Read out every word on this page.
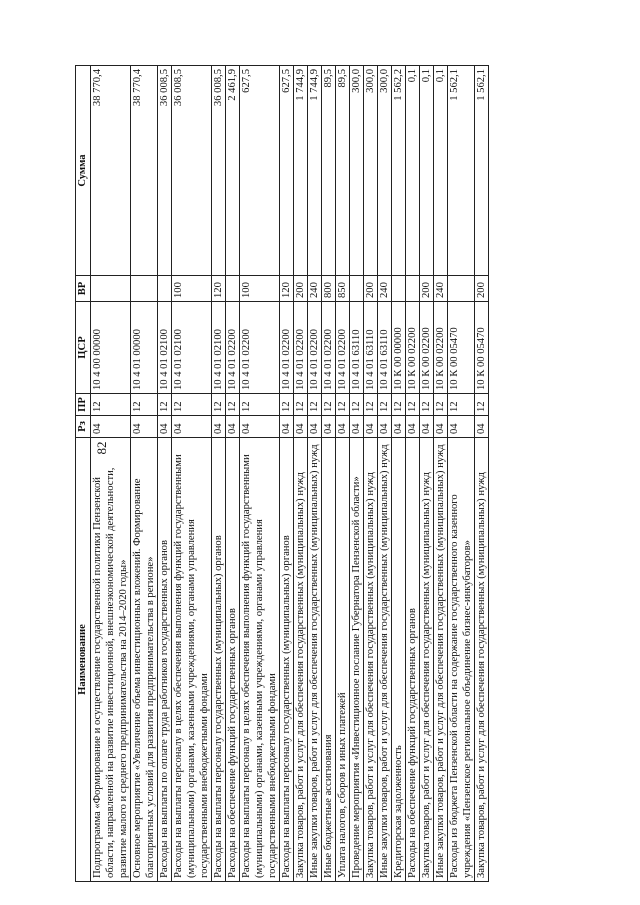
82
Наименование	Рз	ПР	ЦСР	ВР	Сумма
Подпрограмма «Формирование и осуществление государственной политики Пензенской области, направленной на развитие инвестиционной, внешнеэкономической деятельности, развитие малого и среднего предпринимательства на 2014–2020 годы»	04	12	10 4 00 00000		38 770,4
Основное мероприятие «Увеличение объема инвестиционных вложений. Формирование благоприятных условий для развития предпринимательства в регионе»	04	12	10 4 01 00000		38 770,4
Расходы на выплаты по оплате труда работников государственных органов	04	12	10 4 01 02100		36 008,5
Расходы на выплаты персоналу в целях обеспечения выполнения функций государственными (муниципальными) органами, казенными учреждениями, органами управления государственными внебюджетными фондами	04	12	10 4 01 02100	100	36 008,5
Расходы на выплаты персоналу государственных (муниципальных) органов	04	12	10 4 01 02100	120	36 008,5
Расходы на обеспечение функций государственных органов	04	12	10 4 01 02200		2 461,9
Расходы на выплаты персоналу в целях обеспечения выполнения функций государственными (муниципальными) органами, казенными учреждениями, органами управления государственными внебюджетными фондами	04	12	10 4 01 02200	100	627,5
Расходы на выплаты персоналу государственных (муниципальных) органов	04	12	10 4 01 02200	120	627,5
Закупка товаров, работ и услуг для обеспечения государственных (муниципальных) нужд	04	12	10 4 01 02200	200	1 744,9
Иные закупки товаров, работ и услуг для обеспечения государственных (муниципальных) нужд	04	12	10 4 01 02200	240	1 744,9
Иные бюджетные ассигнования	04	12	10 4 01 02200	800	89,5
Уплата налогов, сборов и иных платежей	04	12	10 4 01 02200	850	89,5
Проведение мероприятия «Инвестиционное послание Губернатора Пензенской области»	04	12	10 4 01 63110		300,0
Закупка товаров, работ и услуг для обеспечения государственных (муниципальных) нужд	04	12	10 4 01 63110	200	300,0
Иные закупки товаров, работ и услуг для обеспечения государственных (муниципальных) нужд	04	12	10 4 01 63110	240	300,0
Кредиторская задолженность	04	12	10 К 00 00000		1 562,2
Расходы на обеспечение функций государственных органов	04	12	10 К 00 02200		0,1
Закупка товаров, работ и услуг для обеспечения государственных (муниципальных) нужд	04	12	10 К 00 02200	200	0,1
Иные закупки товаров, работ и услуг для обеспечения государственных (муниципальных) нужд	04	12	10 К 00 02200	240	0,1
Расходы из бюджета Пензенской области на содержание государственного казенного учреждения «Пензенское региональное объединение бизнес-инкубаторов»	04	12	10 К 00 05470		1 562,1
Закупка товаров, работ и услуг для обеспечения государственных (муниципальных) нужд	04	12	10 К 00 05470	200	1 562,1
